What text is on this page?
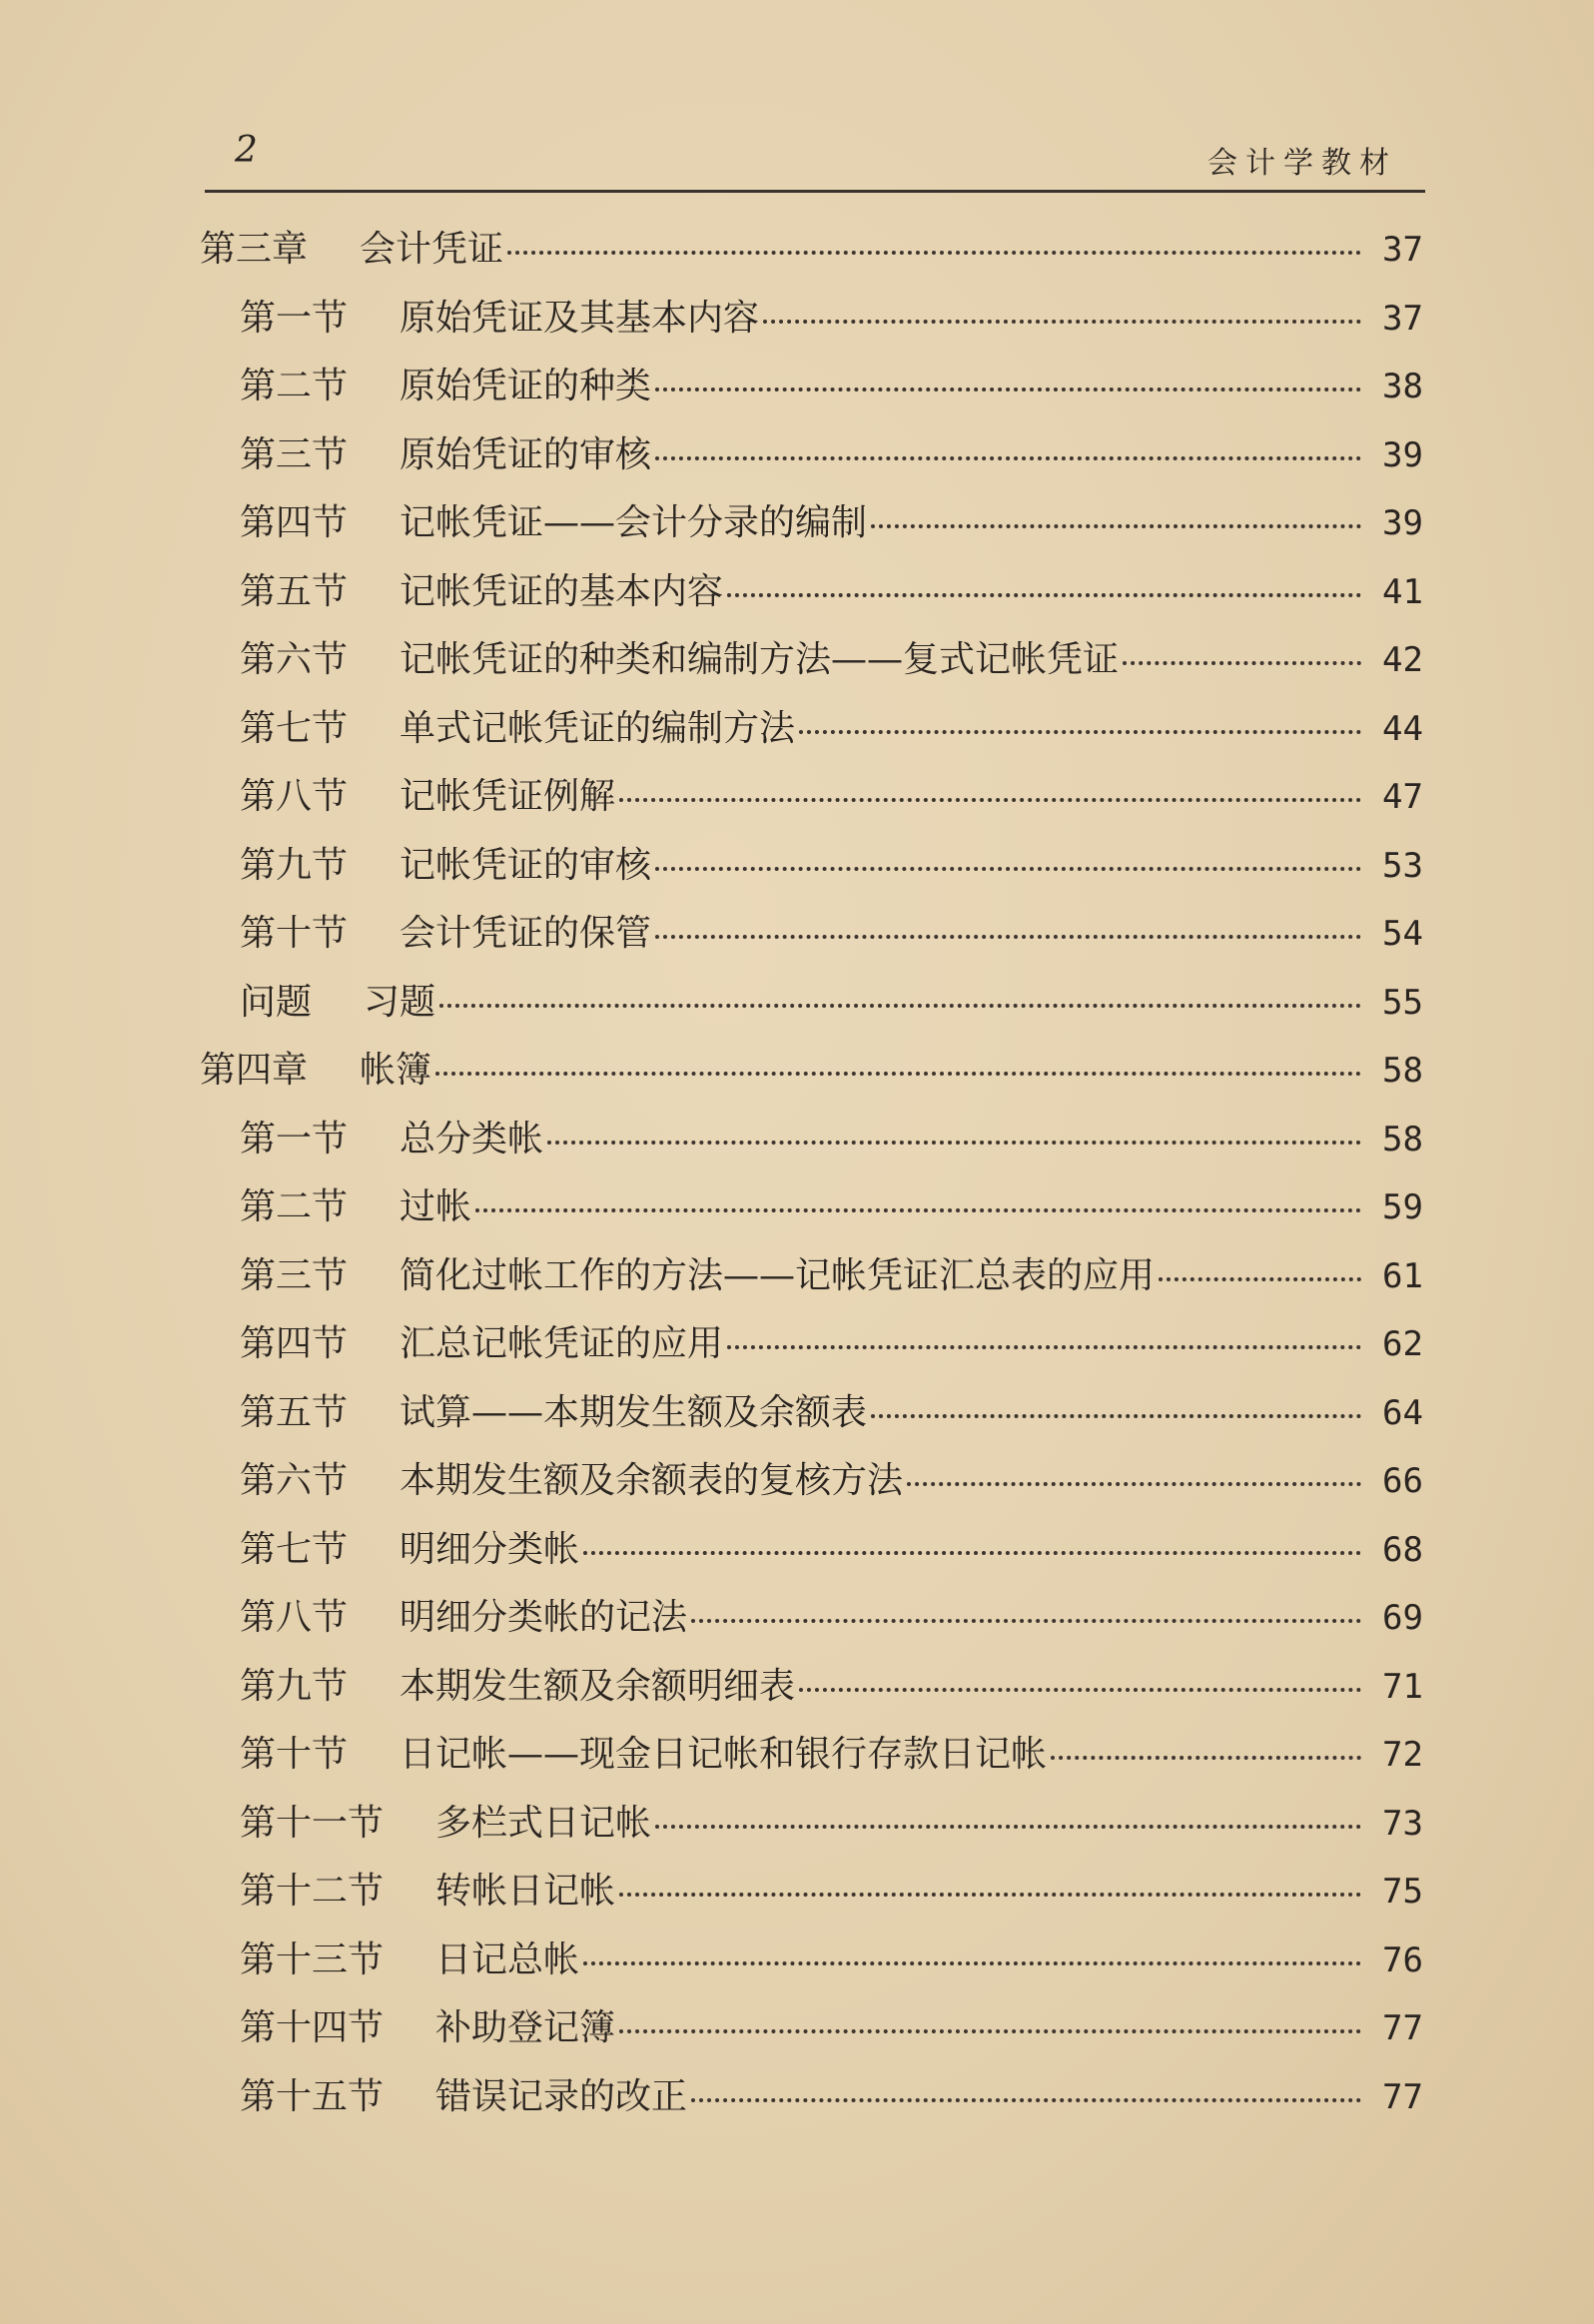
2	会计学教材
第三章 会计凭证	37
第一节 原始凭证及其基本内容	37
第二节 原始凭证的种类	38
第三节 原始凭证的审核	39
第四节 记帐凭证——会计分录的编制	39
第五节 记帐凭证的基本内容	41
第六节 记帐凭证的种类和编制方法——复式记帐凭证	42
第七节 单式记帐凭证的编制方法	44
第八节 记帐凭证例解	47
第九节 记帐凭证的审核	53
第十节 会计凭证的保管	54
问题 习题	55
第四章 帐簿	58
第一节 总分类帐	58
第二节 过帐	59
第三节 简化过帐工作的方法——记帐凭证汇总表的应用	61
第四节 汇总记帐凭证的应用	62
第五节 试算——本期发生额及余额表	64
第六节 本期发生额及余额表的复核方法	66
第七节 明细分类帐	68
第八节 明细分类帐的记法	69
第九节 本期发生额及余额明细表	71
第十节 日记帐——现金日记帐和银行存款日记帐	72
第十一节 多栏式日记帐	73
第十二节 转帐日记帐	75
第十三节 日记总帐	76
第十四节 补助登记簿	77
第十五节 错误记录的改正	77
